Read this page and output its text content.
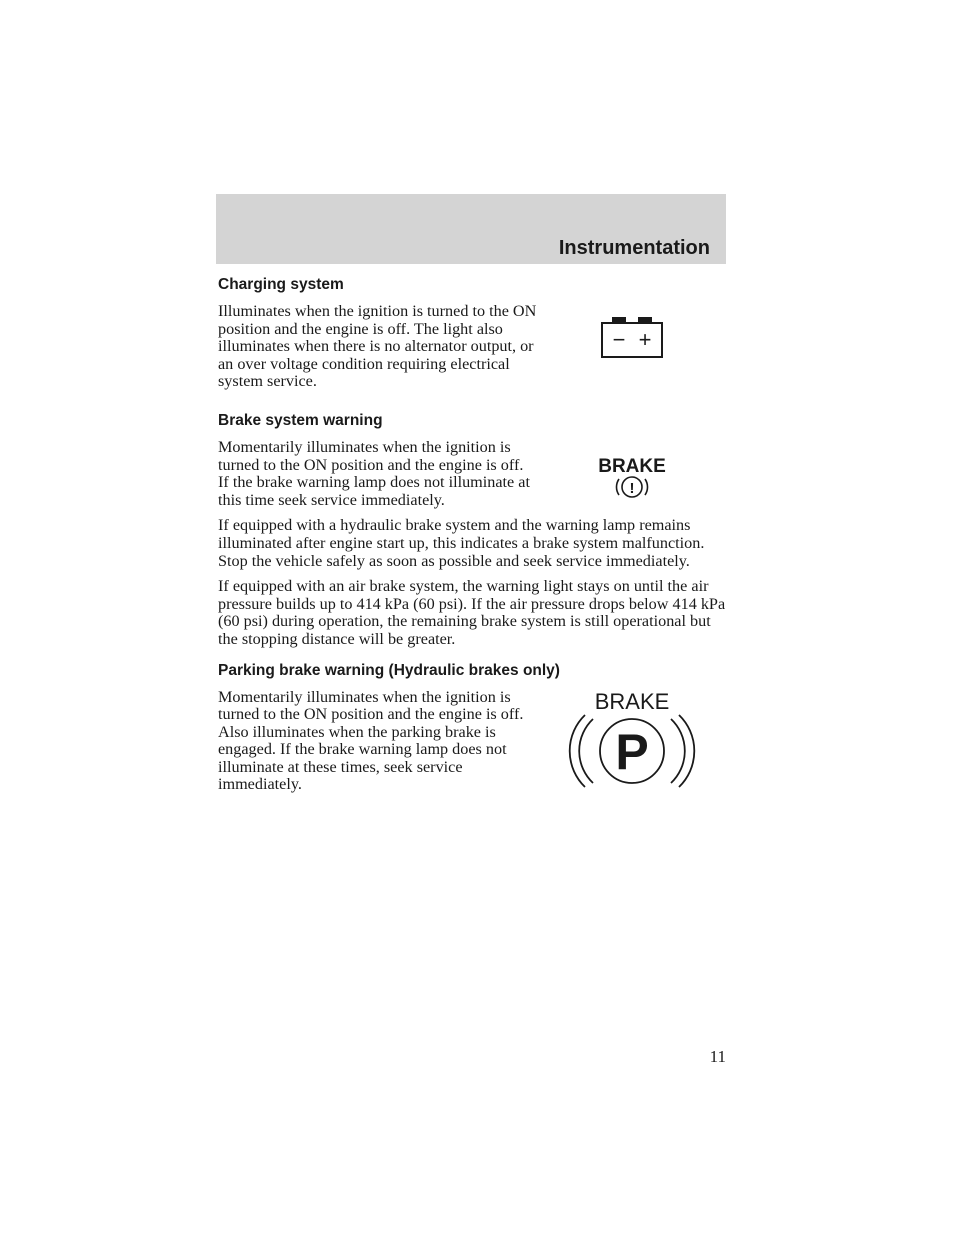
Instrumentation
Charging system

Illuminates when the ignition is turned to the ON position and the engine is off. The light also illuminates when there is no alternator output, or an over voltage condition requiring electrical system service.

− +
Brake system warning

Momentarily illuminates when the ignition is turned to the ON position and the engine is off. If the brake warning lamp does not illuminate at this time seek service immediately.

BRAKE
!

If equipped with a hydraulic brake system and the warning lamp remains illuminated after engine start up, this indicates a brake system malfunction. Stop the vehicle safely as soon as possible and seek service immediately.

If equipped with an air brake system, the warning light stays on until the air pressure builds up to 414 kPa (60 psi). If the air pressure drops below 414 kPa (60 psi) during operation, the remaining brake system is still operational but the stopping distance will be greater.

Parking brake warning (Hydraulic brakes only)

Momentarily illuminates when the ignition is turned to the ON position and the engine is off. Also illuminates when the parking brake is engaged. If the brake warning lamp does not illuminate at these times, seek service immediately.

BRAKE
P

11
